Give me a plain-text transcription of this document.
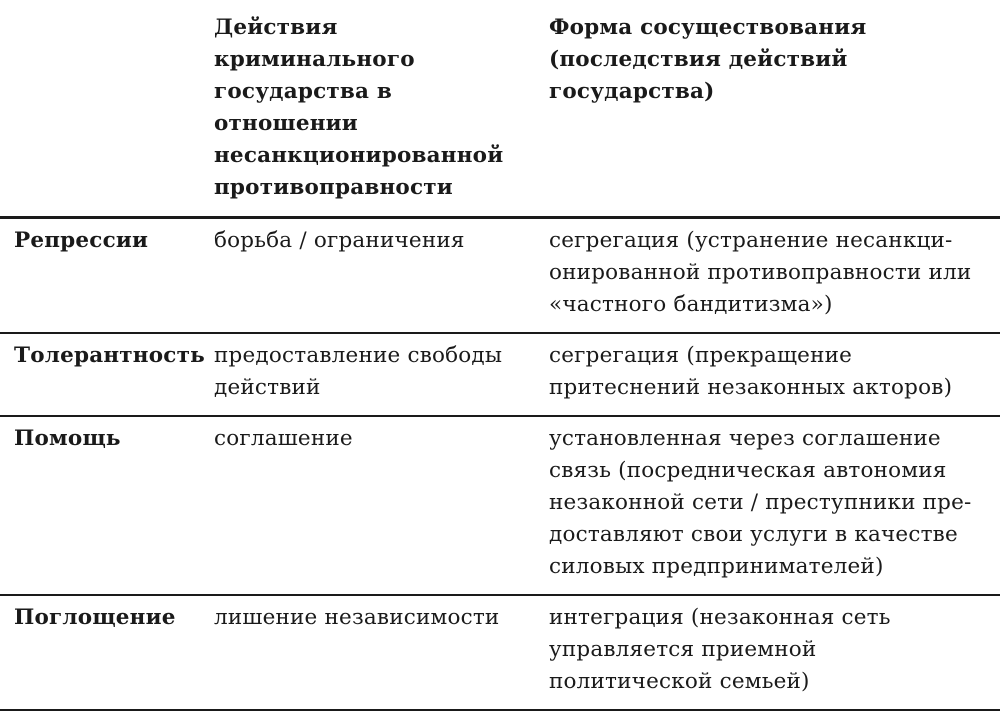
	Действия криминального государства в отношении несанкционированной противоправности	Форма сосуществования (последствия действий государства)
Репрессии	борьба / ограничения	сегрегация (устранение несанкци-онированной противоправности или «частного бандитизма»)
Толерантность	предоставление свободы действий	сегрегация (прекращение притеснений незаконных акторов)
Помощь	соглашение	установленная через соглашение связь (посредническая автономия незаконной сети / преступники пре-доставляют свои услуги в качестве силовых предпринимателей)
Поглощение	лишение независимости	интеграция (незаконная сеть управляется приемной политической семьей)
